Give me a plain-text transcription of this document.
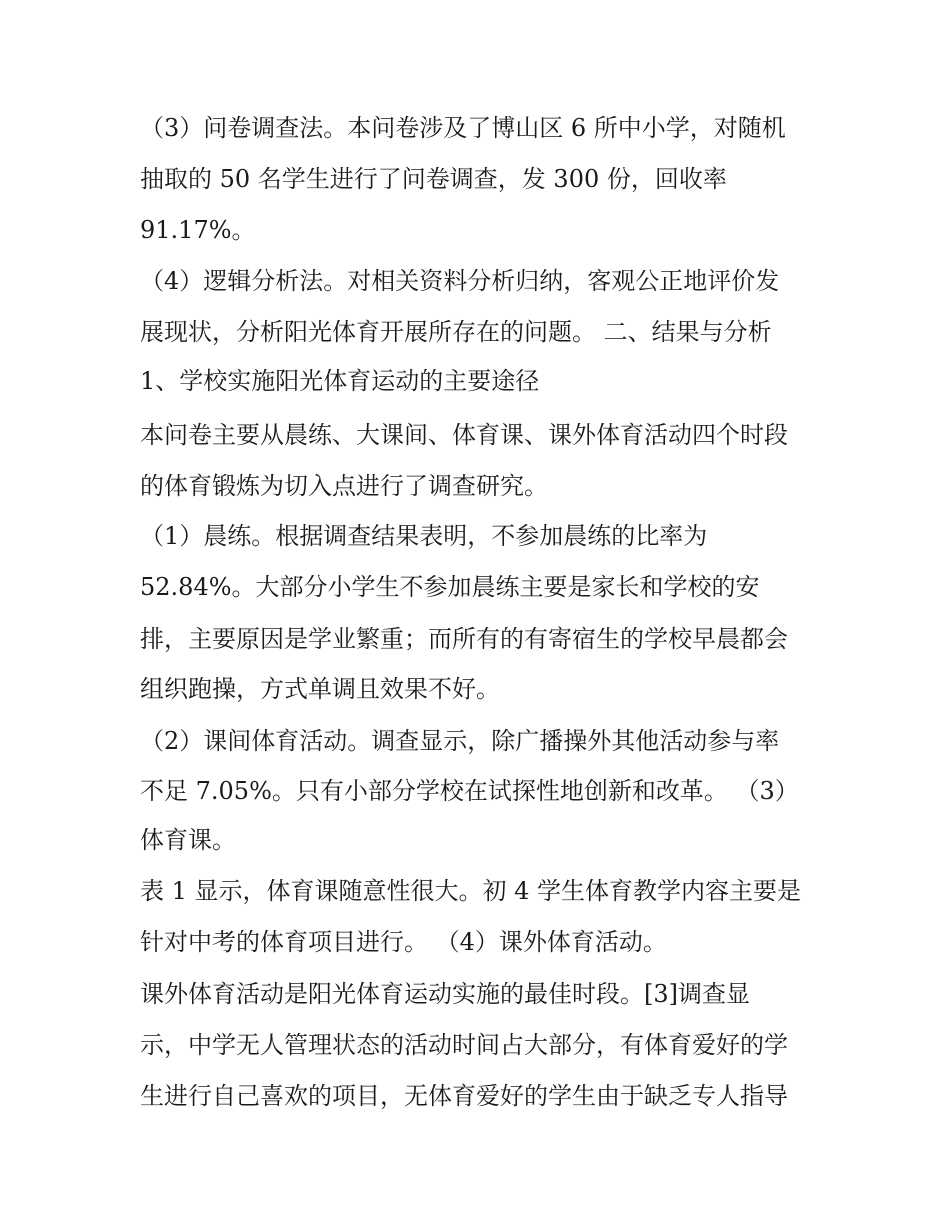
（3）问卷调查法。本问卷涉及了博山区 6 所中小学，对随机
抽取的 50 名学生进行了问卷调查，发 300 份，回收率
91.17%。
（4）逻辑分析法。对相关资料分析归纳，客观公正地评价发
展现状，分析阳光体育开展所存在的问题。 二、结果与分析
1、学校实施阳光体育运动的主要途径
本问卷主要从晨练、大课间、体育课、课外体育活动四个时段
的体育锻炼为切入点进行了调查研究。
（1）晨练。根据调查结果表明，不参加晨练的比率为
52.84%。大部分小学生不参加晨练主要是家长和学校的安
排，主要原因是学业繁重；而所有的有寄宿生的学校早晨都会
组织跑操，方式单调且效果不好。
（2）课间体育活动。调查显示，除广播操外其他活动参与率
不足 7.05%。只有小部分学校在试探性地创新和改革。 （3）
体育课。
表 1 显示，体育课随意性很大。初 4 学生体育教学内容主要是
针对中考的体育项目进行。 （4）课外体育活动。
课外体育活动是阳光体育运动实施的最佳时段。[3]调查显
示，中学无人管理状态的活动时间占大部分，有体育爱好的学
生进行自己喜欢的项目，无体育爱好的学生由于缺乏专人指导
